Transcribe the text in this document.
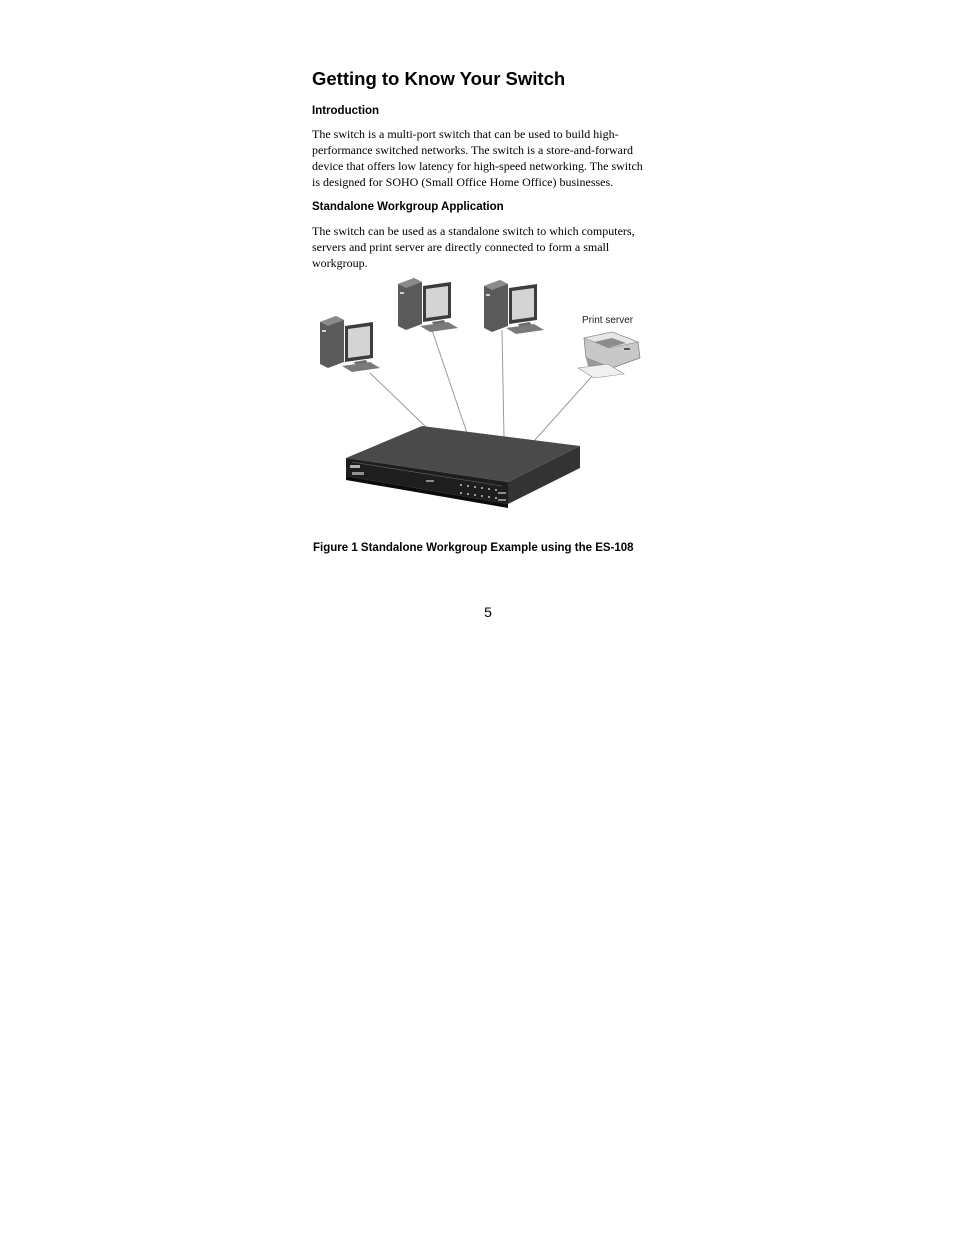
Getting to Know Your Switch
Introduction

The switch is a multi-port switch that can be used to build high-
performance switched networks. The switch is a store-and-forward
device that offers low latency for high-speed networking. The switch
is designed for SOHO (Small Office Home Office) businesses.

Standalone Workgroup Application

The switch can be used as a standalone switch to which computers,
servers and print server are directly connected to form a small
workgroup.

Print server

Figure 1 Standalone Workgroup Example using the ES-108

5
